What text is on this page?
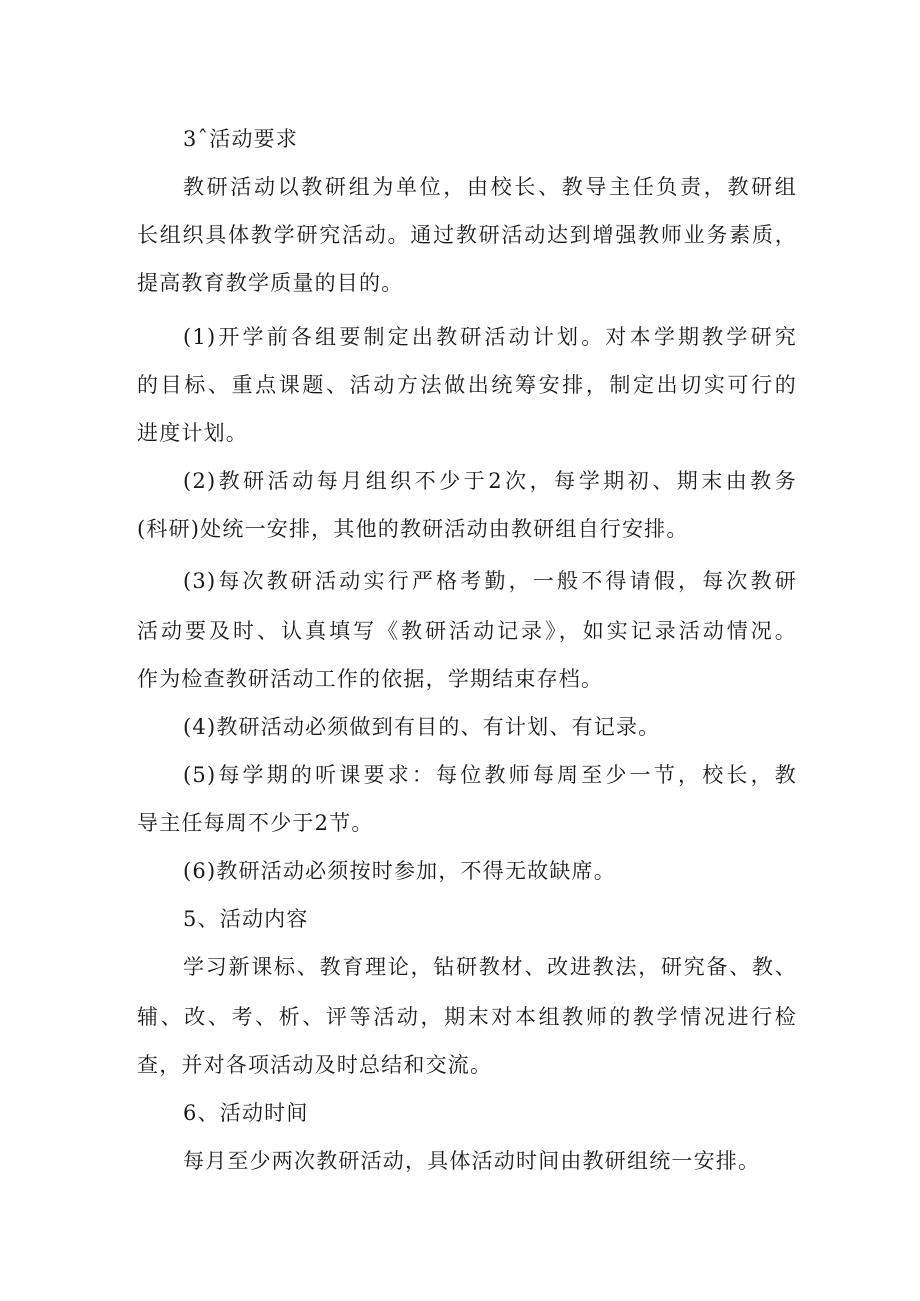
3ˆ活动要求
教研活动以教研组为单位，由校长、教导主任负责，教研组
长组织具体教学研究活动。通过教研活动达到增强教师业务素质，
提高教育教学质量的目的。
(1)开学前各组要制定出教研活动计划。对本学期教学研究
的目标、重点课题、活动方法做出统筹安排，制定出切实可行的
进度计划。
(2)教研活动每月组织不少于2次，每学期初、期末由教务
(科研)处统一安排，其他的教研活动由教研组自行安排。
(3)每次教研活动实行严格考勤，一般不得请假，每次教研
活动要及时、认真填写《教研活动记录》，如实记录活动情况。
作为检查教研活动工作的依据，学期结束存档。
(4)教研活动必须做到有目的、有计划、有记录。
(5)每学期的听课要求：每位教师每周至少一节，校长，教
导主任每周不少于2节。
(6)教研活动必须按时参加，不得无故缺席。
5、活动内容
学习新课标、教育理论，钻研教材、改进教法，研究备、教、
辅、改、考、析、评等活动，期末对本组教师的教学情况进行检
查，并对各项活动及时总结和交流。
6、活动时间
每月至少两次教研活动，具体活动时间由教研组统一安排。
